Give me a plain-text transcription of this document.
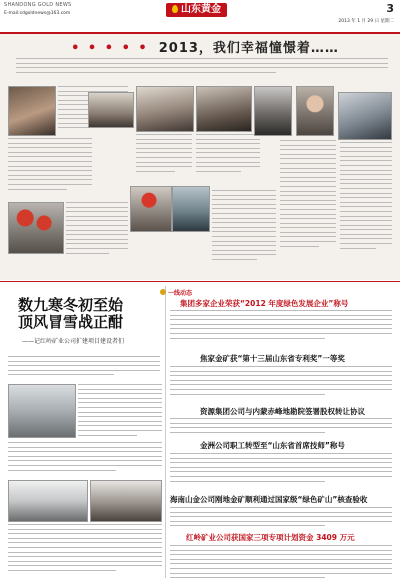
SHANDONG GOLD NEWS
E-mail:sdgoldnews@163.com	山东黄金	3
2013 年 1 月 29 日 星期二
• • • • • 2013，我们幸福憧憬着……
数九寒冬初至始
顶风冒雪战正酣
——记红岭矿业公司扩建项目建设者们
一线动态
集团多家企业荣获“2012 年度绿色发展企业”称号
焦家金矿获“第十三届山东省专利奖”一等奖
资源集团公司与内蒙赤峰地勘院签署股权转让协议
金洲公司职工转型至“山东省首席技师”称号
海南山金公司刚地金矿顺利通过国家级“绿色矿山”核查验收
红岭矿业公司获国家三项专项计划资金 3409 万元
